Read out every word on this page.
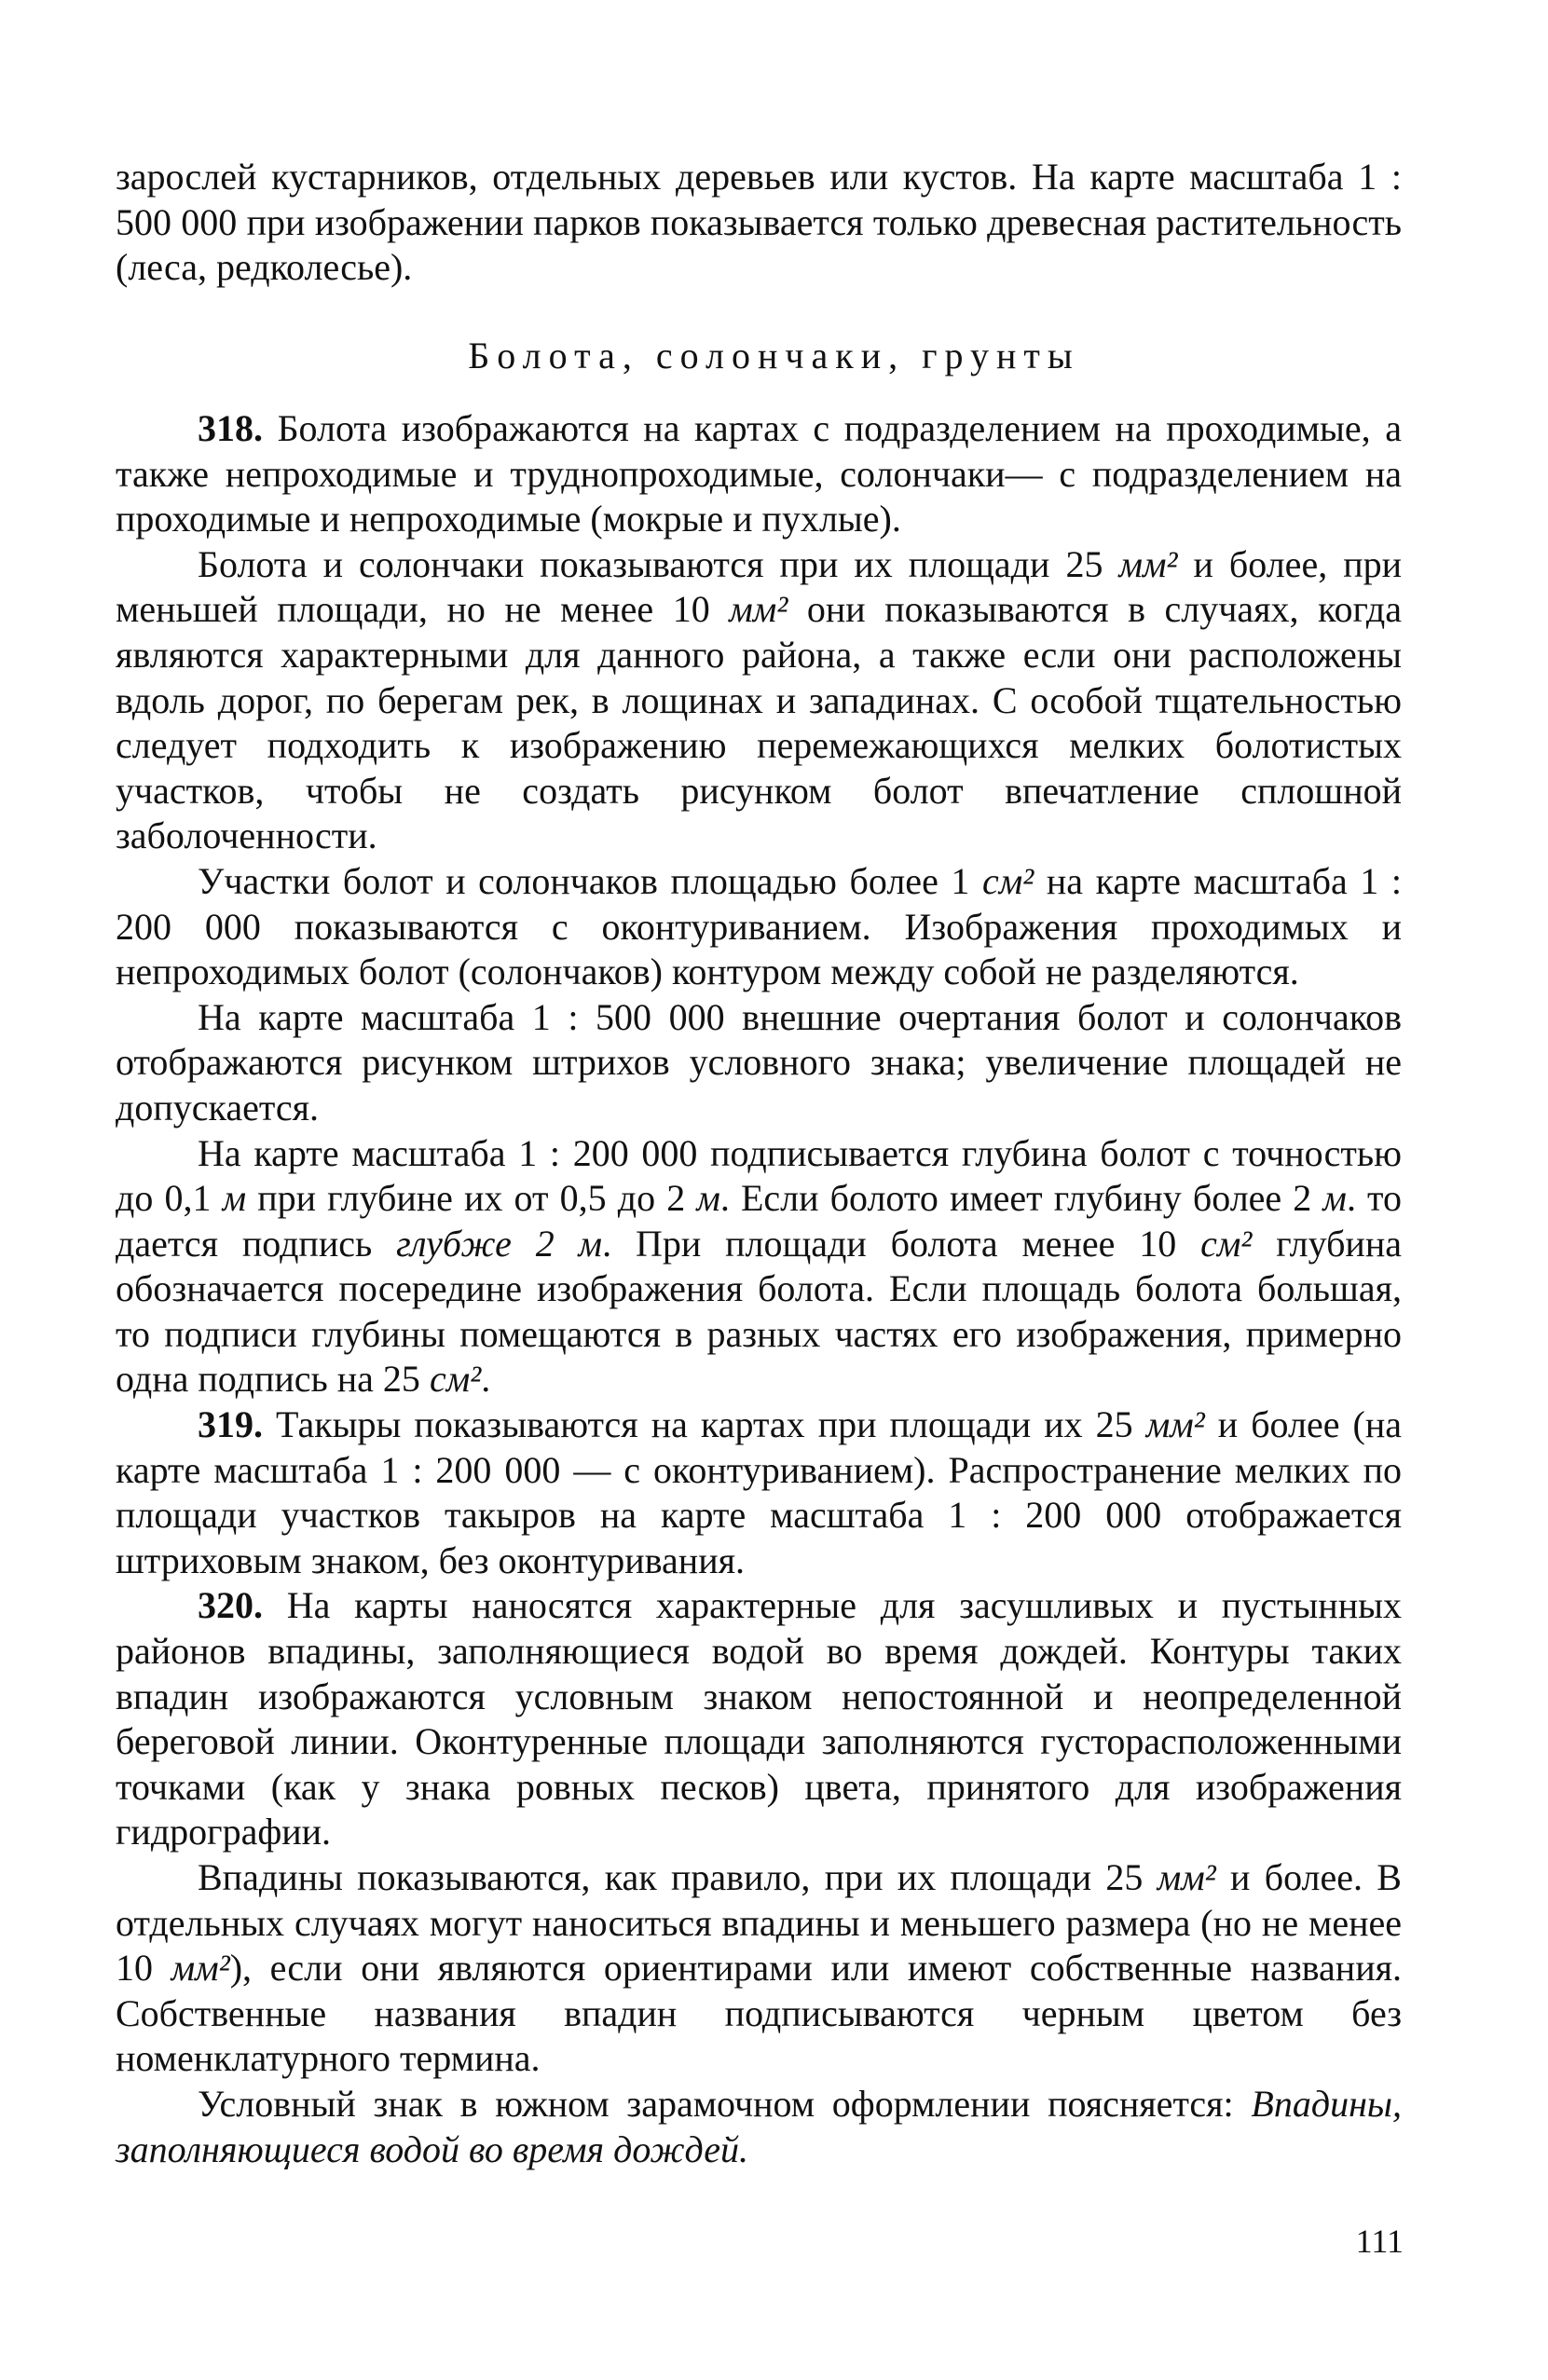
зарослей кустарников, отдельных деревьев или кустов. На карте масштаба 1 : 500 000 при изображении парков показывается только древесная растительность (леса, редколесье).

Болота, солончаки, грунты

318. Болота изображаются на картах с подразделением на проходимые, а также непроходимые и труднопроходимые, солончаки— с подразделением на проходимые и непроходимые (мокрые и пухлые).

Болота и солончаки показываются при их площади 25 мм² и более, при меньшей площади, но не менее 10 мм² они показываются в случаях, когда являются характерными для данного района, а также если они расположены вдоль дорог, по берегам рек, в лощинах и западинах. С особой тщательностью следует подходить к изображению перемежающихся мелких болотистых участков, чтобы не создать рисунком болот впечатление сплошной заболоченности.

Участки болот и солончаков площадью более 1 см² на карте масштаба 1 : 200 000 показываются с оконтуриванием. Изображения проходимых и непроходимых болот (солончаков) контуром между собой не разделяются.

На карте масштаба 1 : 500 000 внешние очертания болот и солончаков отображаются рисунком штрихов условного знака; увеличение площадей не допускается.

На карте масштаба 1 : 200 000 подписывается глубина болот с точностью до 0,1 м при глубине их от 0,5 до 2 м. Если болото имеет глубину более 2 м. то дается подпись глубже 2 м. При площади болота менее 10 см² глубина обозначается посередине изображения болота. Если площадь болота большая, то подписи глубины помещаются в разных частях его изображения, примерно одна подпись на 25 см².

319. Такыры показываются на картах при площади их 25 мм² и более (на карте масштаба 1 : 200 000 — с оконтуриванием). Распространение мелких по площади участков такыров на карте масштаба 1 : 200 000 отображается штриховым знаком, без оконтуривания.

320. На карты наносятся характерные для засушливых и пустынных районов впадины, заполняющиеся водой во время дождей. Контуры таких впадин изображаются условным знаком непостоянной и неопределенной береговой линии. Оконтуренные площади заполняются густорасположенными точками (как у знака ровных песков) цвета, принятого для изображения гидрографии.

Впадины показываются, как правило, при их площади 25 мм² и более. В отдельных случаях могут наноситься впадины и меньшего размера (но не менее 10 мм²), если они являются ориентирами или имеют собственные названия. Собственные названия впадин подписываются черным цветом без номенклатурного термина.

Условный знак в южном зарамочном оформлении поясняется: Впадины, заполняющиеся водой во время дождей.

111
